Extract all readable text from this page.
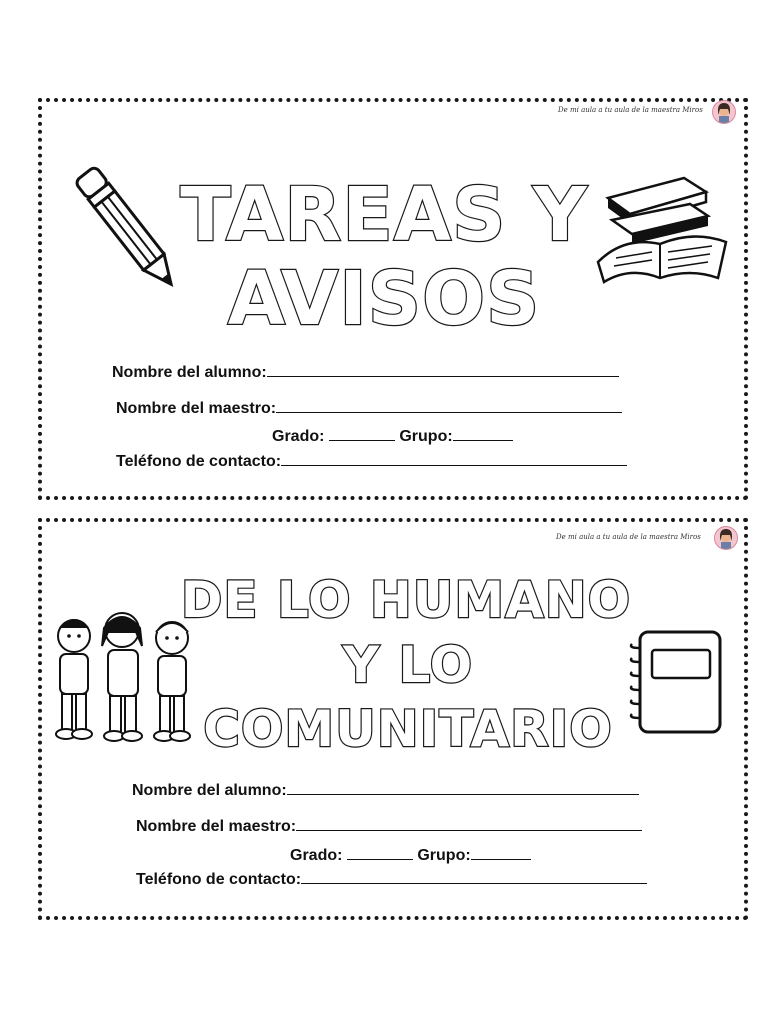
De mi aula a tu aula de la maestra Miros
TAREAS Y
AVISOS
Nombre del alumno:
Nombre del maestro:
Grado:	Grupo:
Teléfono de contacto:
De mi aula a tu aula de la maestra Miros
DE LO HUMANO
Y LO
COMUNITARIO
Nombre del alumno:
Nombre del maestro:
Grado:	Grupo:
Teléfono de contacto:
